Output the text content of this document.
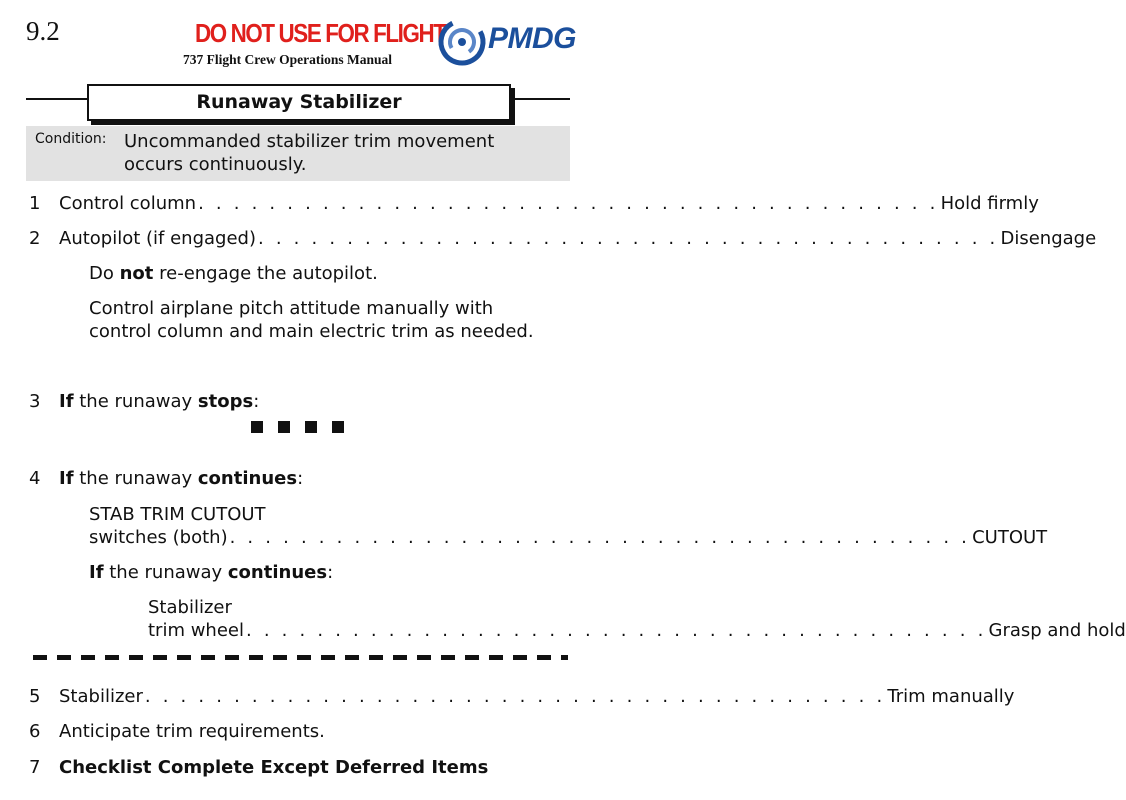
9.2	DO NOT USE FOR FLIGHT
737 Flight Crew Operations Manual
PMDG
Runaway Stabilizer
Condition: Uncommanded stabilizer trim movement occurs continuously.
1 Control column . . . . . . . . . . . . . . . . . . . . . . . . . . . . . . . . . . . . . . . . . . Hold firmly
2 Autopilot (if engaged) . . . . . . . . . . . . . . . . . . . . . . . . . . . . . . . . . . . . . . . . . . Disengage
Do not re-engage the autopilot.
Control airplane pitch attitude manually with control column and main electric trim as needed.
3 If the runaway stops:
4 If the runaway continues:
STAB TRIM CUTOUT
switches (both) . . . . . . . . . . . . . . . . . . . . . . . . . . . . . . . . . . . . . . . . . . CUTOUT
If the runaway continues:
Stabilizer
trim wheel . . . . . . . . . . . . . . . . . . . . . . . . . . . . . . . . . . . . . . . . . . Grasp and hold
5 Stabilizer . . . . . . . . . . . . . . . . . . . . . . . . . . . . . . . . . . . . . . . . . . Trim manually
6 Anticipate trim requirements.
7 Checklist Complete Except Deferred Items
